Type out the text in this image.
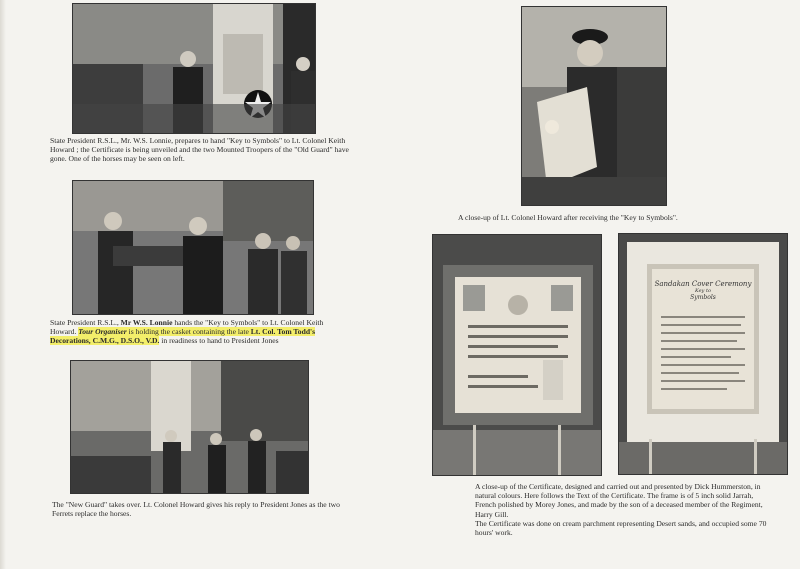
State President R.S.L., Mr. W.S. Lonnie, prepares to hand "Key to Symbols" to Lt. Colonel Keith Howard ; the Certificate is being unveiled and the two Mounted Troopers of the "Old Guard" have gone. One of the horses may be seen on left.

State President R.S.L., Mr W.S. Lonnie hands the "Key to Symbols" to Lt. Colonel Keith Howard. Tour Organiser is holding the casket containing the late Lt. Col. Tom Todd's Decorations, C.M.G., D.S.O., V.D. in readiness to hand to President Jones

The "New Guard" takes over. Lt. Colonel Howard gives his reply to President Jones as the two Ferrets replace the horses.

A close-up of Lt. Colonel Howard after receiving the "Key to Symbols".

Sandakan Cover Ceremony
Key to
Symbols

A close-up of the Certificate, designed and carried out and presented by Dick Hummerston, in natural colours. Here follows the Text of the Certificate. The frame is of 5 inch solid Jarrah, French polished by Morey Jones, and made by the son of a deceased member of the Regiment, Harry Gill.

The Certificate was done on cream parchment representing Desert sands, and occupied some 70 hours' work.
